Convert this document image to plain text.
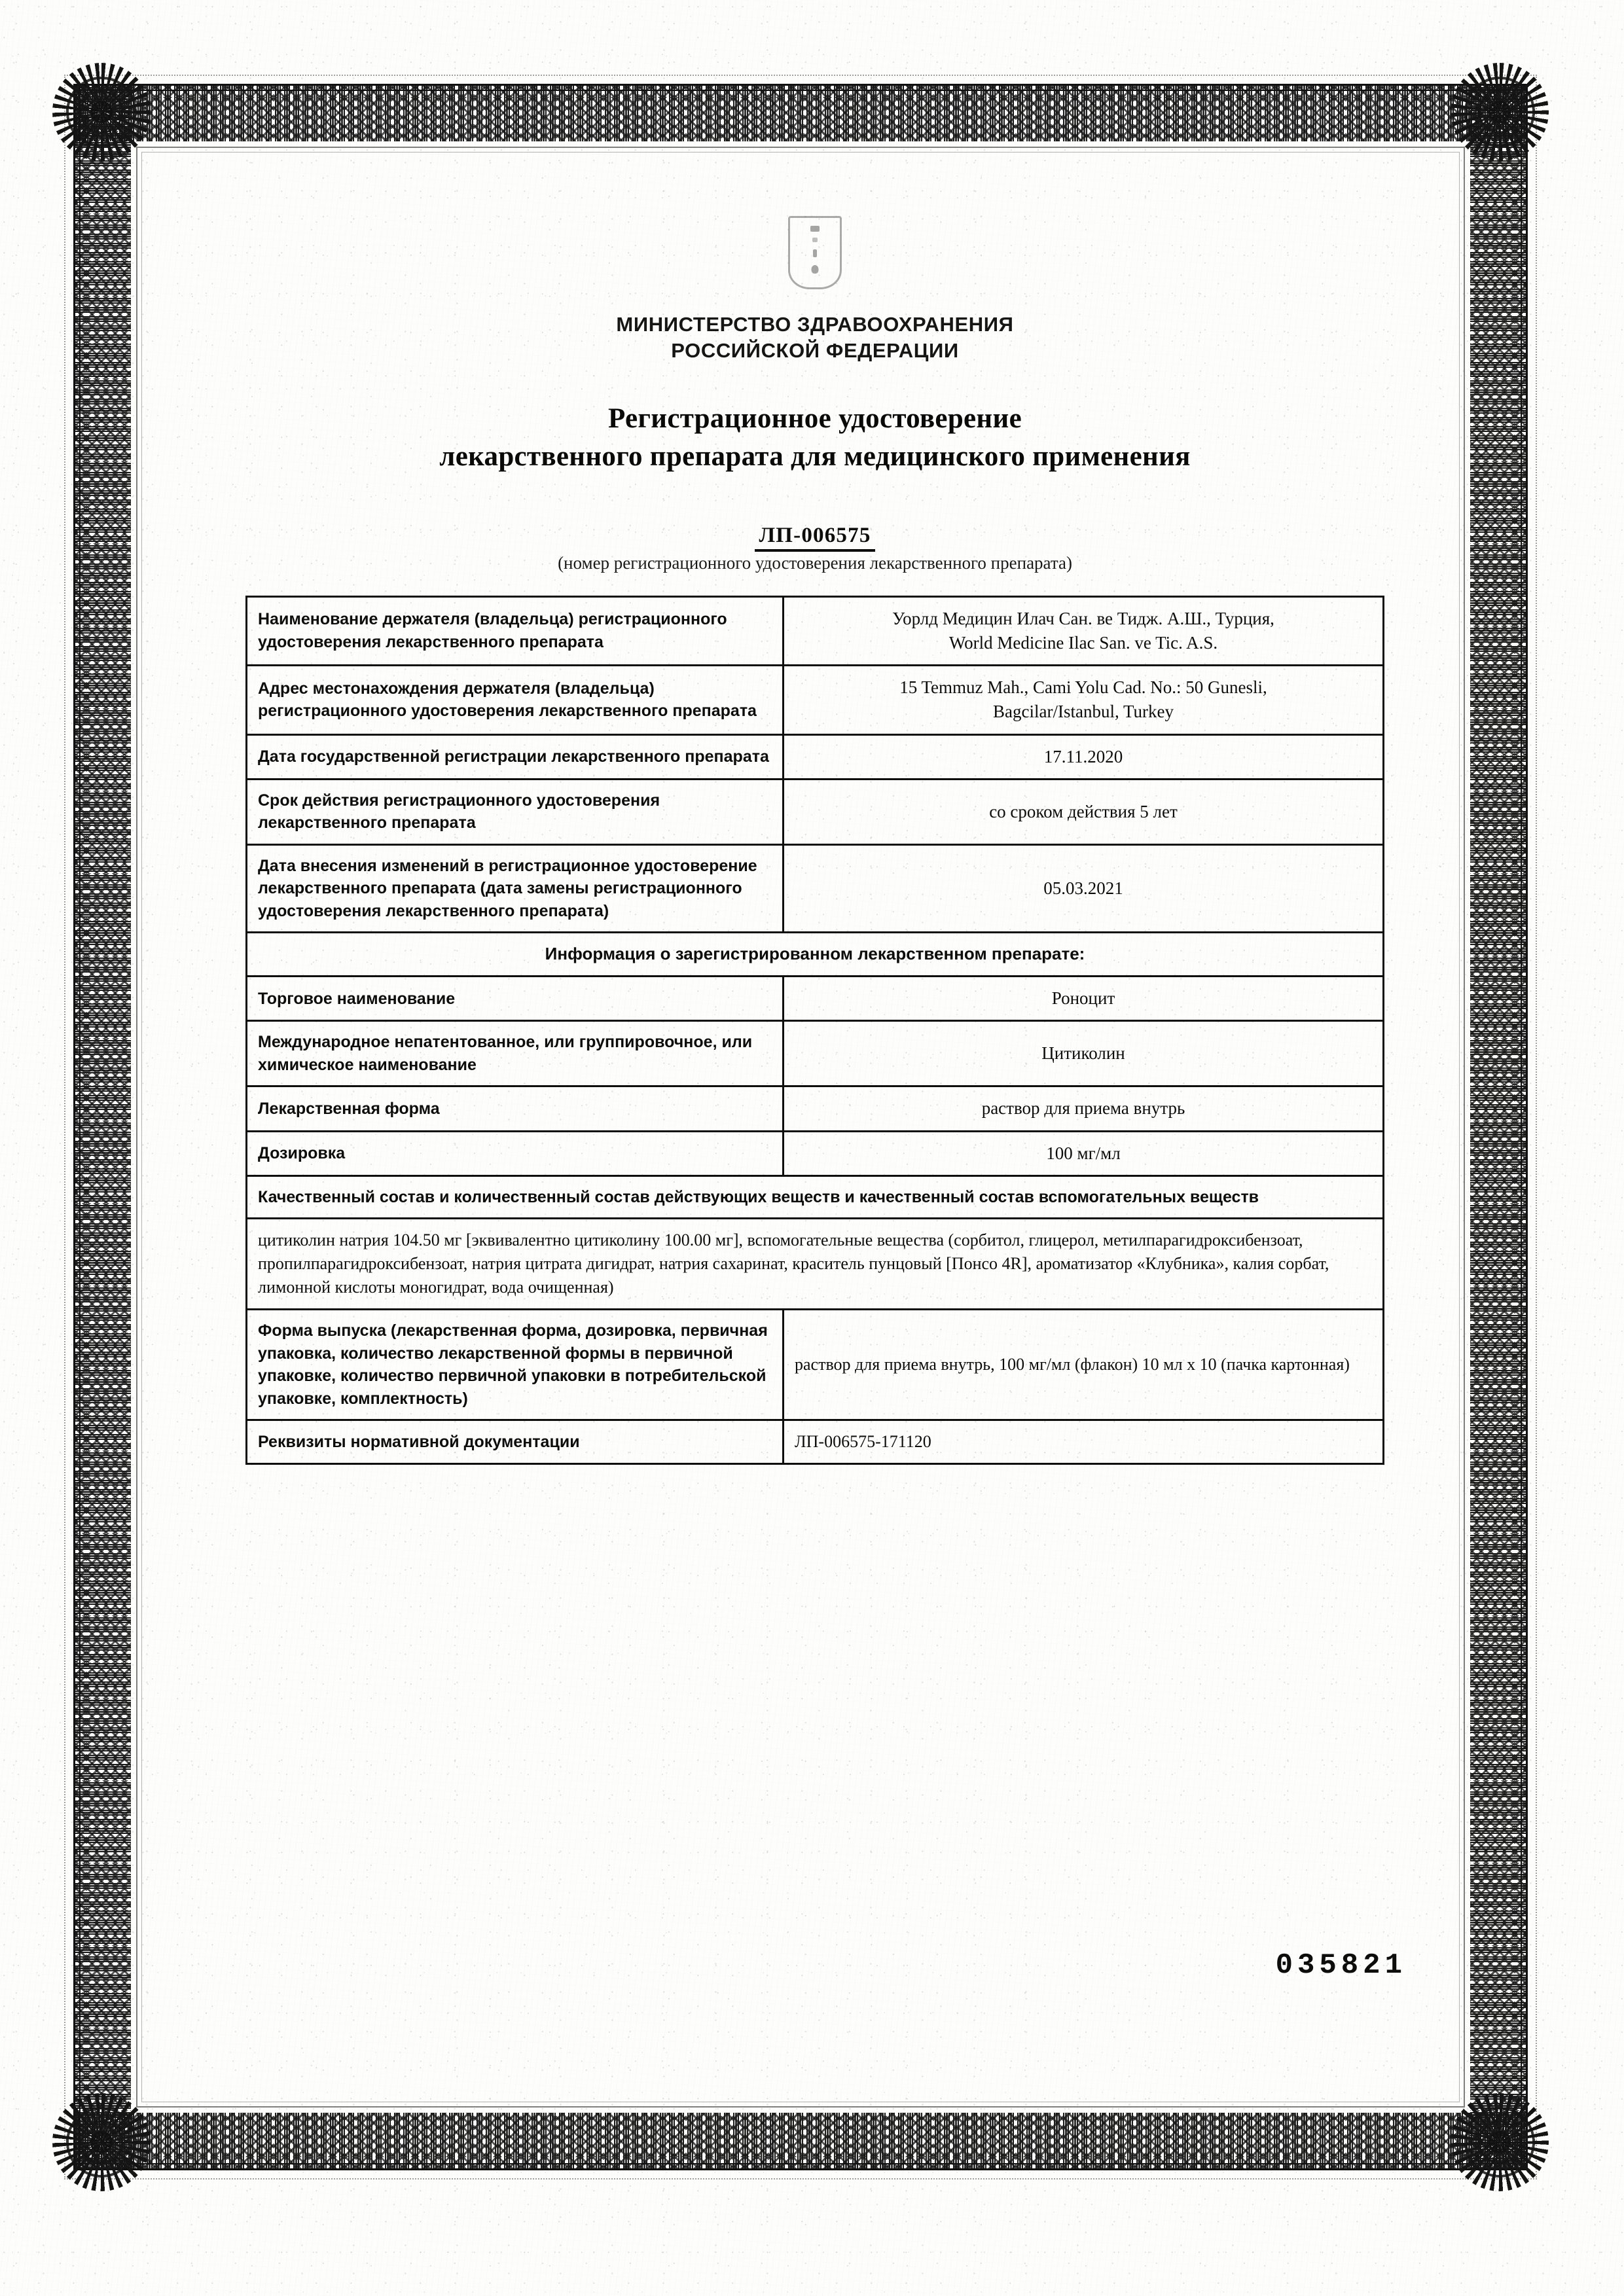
МИНИСТЕРСТВО ЗДРАВООХРАНЕНИЯ
РОССИЙСКОЙ ФЕДЕРАЦИИ
Регистрационное удостоверение
лекарственного препарата для медицинского применения
ЛП-006575
(номер регистрационного удостоверения лекарственного препарата)
Наименование держателя (владельца) регистрационного удостоверения лекарственного препарата	Уорлд Медицин Илач Сан. ве Тидж. А.Ш., Турция,
World Medicine Ilac San. ve Tic. A.S.
Адрес местонахождения держателя (владельца) регистрационного удостоверения лекарственного препарата	15 Temmuz Mah., Cami Yolu Cad. No.: 50 Gunesli,
Bagcilar/Istanbul, Turkey
Дата государственной регистрации лекарственного препарата	17.11.2020
Срок действия регистрационного удостоверения лекарственного препарата	со сроком действия 5 лет
Дата внесения изменений в регистрационное удостоверение лекарственного препарата (дата замены регистрационного удостоверения лекарственного препарата)	05.03.2021
Информация о зарегистрированном лекарственном препарате:	
Торговое наименование	Роноцит
Международное непатентованное, или группировочное, или химическое наименование	Цитиколин
Лекарственная форма	раствор для приема внутрь
Дозировка	100 мг/мл
Качественный состав и количественный состав действующих веществ и качественный состав вспомогательных веществ	
цитиколин натрия 104.50 мг [эквивалентно цитиколину 100.00 мг], вспомогательные вещества (сорбитол, глицерол, метилпарагидроксибензоат, пропилпарагидроксибензоат, натрия цитрата дигидрат, натрия сахаринат, краситель пунцовый [Понсо 4R], ароматизатор «Клубника», калия сорбат, лимонной кислоты моногидрат, вода очищенная)	
Форма выпуска (лекарственная форма, дозировка, первичная упаковка, количество лекарственной формы в первичной упаковке, количество первичной упаковки в потребительской упаковке, комплектность)	раствор для приема внутрь, 100 мг/мл (флакон) 10 мл x 10 (пачка картонная)
Реквизиты нормативной документации	ЛП-006575-171120
035821
